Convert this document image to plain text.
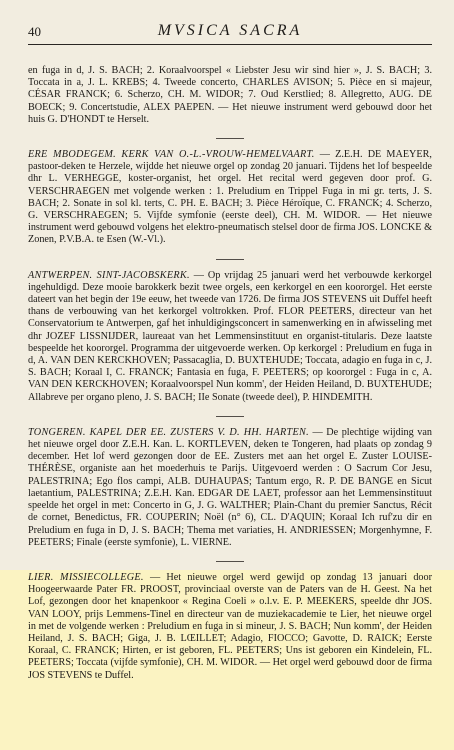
40	MVSICA SACRA

en fuga in d, J. S. BACH; 2. Koraalvoorspel « Liebster Jesu wir sind hier », J. S. BACH; 3. Toccata in a, J. L. KREBS; 4. Tweede concerto, CHARLES AVISON; 5. Pièce en si majeur, CÉSAR FRANCK; 6. Scherzo, CH. M. WIDOR; 7. Oud Kerstlied; 8. Allegretto, AUG. DE BOECK; 9. Concertstudie, ALEX PAEPEN. — Het nieuwe instrument werd gebouwd door het huis G. D'HONDT te Herselt.

ERE MBODEGEM. KERK VAN O.-L.-VROUW-HEMELVAART. — Z.E.H. DE MAEYER, pastoor-deken te Herzele, wijdde het nieuwe orgel op zondag 20 januari. Tijdens het lof bespeelde dhr L. VERHEGGE, koster-organist, het orgel. Het recital werd gegeven door prof. G. VERSCHRAEGEN met volgende werken : 1. Preludium en Trippel Fuga in mi gr. terts, J. S. BACH; 2. Sonate in sol kl. terts, C. PH. E. BACH; 3. Pièce Héroïque, C. FRANCK; 4. Scherzo, G. VERSCHRAEGEN; 5. Vijfde symfonie (eerste deel), CH. M. WIDOR. — Het nieuwe instrument werd gebouwd volgens het elektro-pneumatisch stelsel door de firma JOS. LONCKE & Zonen, P.V.B.A. te Esen (W.-Vl.).

ANTWERPEN. SINT-JACOBSKERK. — Op vrijdag 25 januari werd het verbouwde kerkorgel ingehuldigd. Deze mooie barokkerk bezit twee orgels, een kerkorgel en een koororgel. Het eerste dateert van het begin der 19e eeuw, het tweede van 1726. De firma JOS STEVENS uit Duffel heeft thans de verbouwing van het kerkorgel voltrokken. Prof. FLOR PEETERS, directeur van het Conservatorium te Antwerpen, gaf het inhuldigingsconcert in samenwerking en in afwisseling met dhr JOZEF LISSNIJDER, laureaat van het Lemmensinstituut en organist-titularis. Deze laatste bespeelde het koororgel. Programma der uitgevoerde werken. Op kerkorgel : Preludium en fuga in d, A. VAN DEN KERCKHOVEN; Passacaglia, D. BUXTEHUDE; Toccata, adagio en fuga in c, J. S. BACH; Koraal I, C. FRANCK; Fantasia en fuga, F. PEETERS; op koororgel : Fuga in c, A. VAN DEN KERCKHOVEN; Koraalvoorspel Nun komm', der Heiden Heiland, D. BUXTEHUDE; Allabreve per organo pleno, J. S. BACH; IIe Sonate (tweede deel), P. HINDEMITH.

TONGEREN. KAPEL DER EE. ZUSTERS V. D. HH. HARTEN. — De plechtige wijding van het nieuwe orgel door Z.E.H. Kan. L. KORTLEVEN, deken te Tongeren, had plaats op zondag 9 december. Het lof werd gezongen door de EE. Zusters met aan het orgel E. Zuster LOUISE-THÉRÈSE, organiste aan het moederhuis te Parijs. Uitgevoerd werden : O Sacrum Cor Jesu, PALESTRINA; Ego flos campi, ALB. DUHAUPAS; Tantum ergo, R. P. DE BANGE en Sicut laetantium, PALESTRINA; Z.E.H. Kan. EDGAR DE LAET, professor aan het Lemmensinstituut speelde het orgel in met: Concerto in G, J. G. WALTHER; Plain-Chant du premier Sanctus, Récit de cornet, Benedictus, FR. COUPERIN; Noël (n° 6), CL. D'AQUIN; Koraal Ich ruf'zu dir en Preludium en fuga in D, J. S. BACH; Thema met variaties, H. ANDRIESSEN; Morgenhymne, F. PEETERS; Finale (eerste symfonie), L. VIERNE.

LIER. MISSIECOLLEGE. — Het nieuwe orgel werd gewijd op zondag 13 januari door Hoogeerwaarde Pater FR. PROOST, provinciaal overste van de Paters van de H. Geest. Na het Lof, gezongen door het knapenkoor « Regina Coeli » o.l.v. E. P. MEEKERS, speelde dhr JOS. VAN LOOY, prijs Lemmens-Tinel en directeur van de muziekacademie te Lier, het nieuwe orgel in met de volgende werken : Preludium en fuga in si mineur, J. S. BACH; Nun komm', der Heiden Heiland, J. S. BACH; Giga, J. B. LŒILLET; Adagio, FIOCCO; Gavotte, D. RAICK; Eerste Koraal, C. FRANCK; Hirten, er ist geboren, FL. PEETERS; Uns ist geboren ein Kindelein, FL. PEETERS; Toccata (vijfde symfonie), CH. M. WIDOR. — Het orgel werd gebouwd door de firma JOS STEVENS te Duffel.
